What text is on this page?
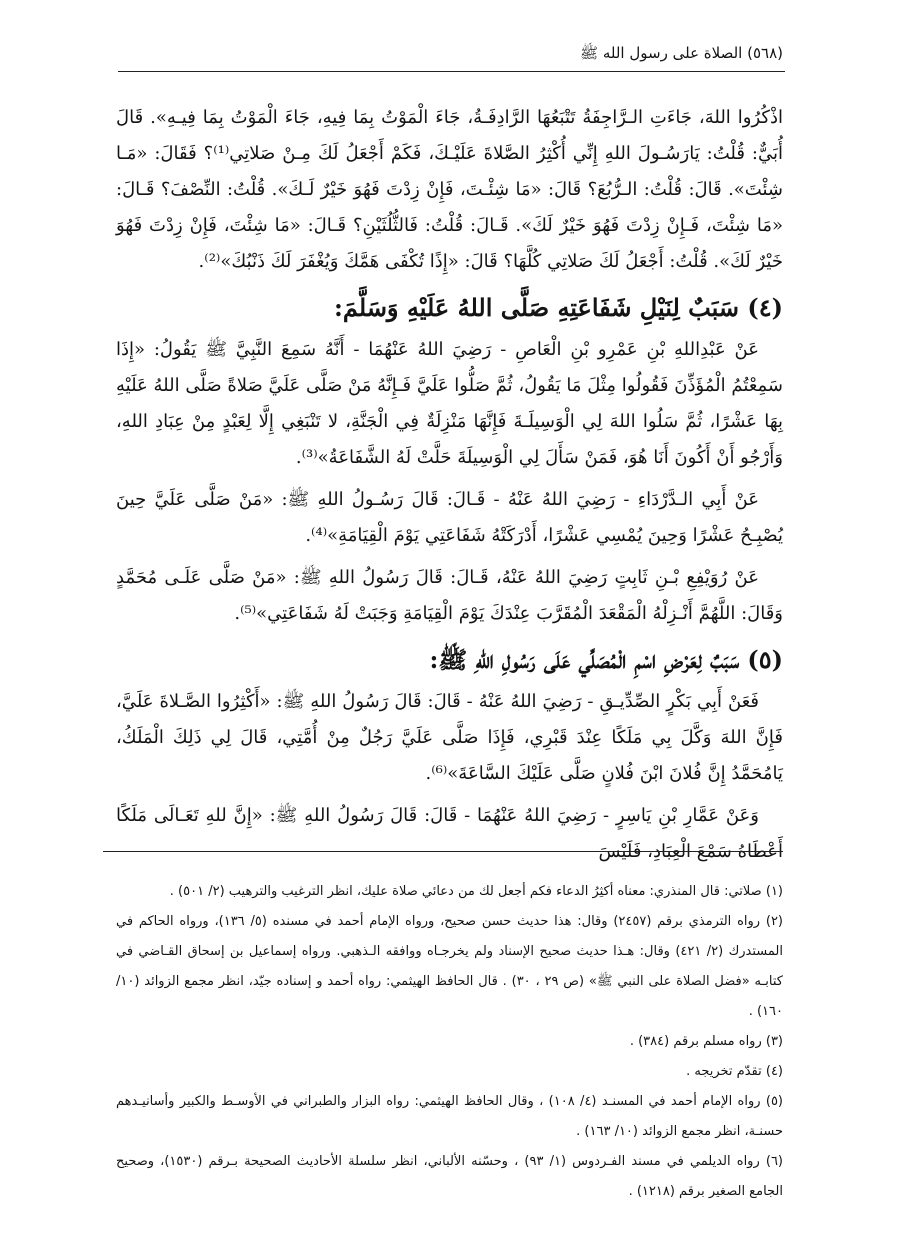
(٥٦٨) الصلاة على رسول الله ﷺ

اذْكُرُوا اللهَ، جَاءَتِ الـرَّاجِفَةُ تَتْبَعُهَا الرَّادِفَـةُ، جَاءَ الْمَوْتُ بِمَا فِيهِ، جَاءَ الْمَوْتُ بِمَا فِيـهِ». قَالَ أُبَيٌّ: قُلْتُ: يَارَسُـولَ اللهِ إِنِّي أُكْثِرُ الصَّلاةَ عَلَيْـكَ، فَكَمْ أَجْعَلُ لَكَ مِـنْ صَلاتِي⁽¹⁾؟ فَقَالَ: «مَـا شِئْتَ». قَالَ: قُلْتُ: الـرُّبُعَ؟ قَالَ: «مَا شِئْـتَ، فَإِنْ زِدْتَ فَهُوَ خَيْرٌ لَـكَ». قُلْتُ: النِّصْفَ؟ قَـالَ: «مَا شِئْتَ، فَـإِنْ زِدْتَ فَهُوَ خَيْرٌ لَكَ». قَـالَ: قُلْتُ: فَالثُّلُثَيْنِ؟ قَـالَ: «مَا شِئْتَ، فَإِنْ زِدْتَ فَهُوَ خَيْرٌ لَكَ». قُلْتُ: أَجْعَلُ لَكَ صَلاتِي كُلَّهَا؟ قَالَ: «إِذًا تُكْفَى هَمَّكَ وَيُغْفَرَ لَكَ ذَنْبُكَ»⁽²⁾.

(٤) سَبَبٌ لِنَيْلِ شَفَاعَتِهِ صَلَّى اللهُ عَلَيْهِ وَسَلَّمَ:

عَنْ عَبْدِاللهِ بْنِ عَمْرِو بْنِ الْعَاصِ - رَضِيَ اللهُ عَنْهُمَا - أَنَّهُ سَمِعَ النَّبِيَّ ﷺ يَقُولُ: «إِذَا سَمِعْتُمُ الْمُؤَذِّنَ فَقُولُوا مِثْلَ مَا يَقُولُ، ثُمَّ صَلُّوا عَلَيَّ فَـإِنَّهُ مَنْ صَلَّى عَلَيَّ صَلاةً صَلَّى اللهُ عَلَيْهِ بِهَا عَشْرًا، ثُمَّ سَلُوا اللهَ لِي الْوَسِيلَـةَ فَإِنَّهَا مَنْزِلَةٌ فِي الْجَنَّةِ، لا تَنْبَغِي إِلَّا لِعَبْدٍ مِنْ عِبَادِ اللهِ، وَأَرْجُو أَنْ أَكُونَ أَنَا هُوَ، فَمَنْ سَأَلَ لِي الْوَسِيلَةَ حَلَّتْ لَهُ الشَّفَاعَةُ»⁽³⁾.

عَنْ أَبِي الـدَّرْدَاءِ - رَضِيَ اللهُ عَنْهُ - قَـالَ: قَالَ رَسُـولُ اللهِ ﷺ: «مَنْ صَلَّى عَلَيَّ حِينَ يُصْبِـحُ عَشْرًا وَحِينَ يُمْسِي عَشْرًا، أَدْرَكَتْهُ شَفَاعَتِي يَوْمَ الْقِيَامَةِ»⁽⁴⁾.

عَنْ رُوَيْفِعِ بْـنِ ثَابِتٍ رَضِيَ اللهُ عَنْهُ، قَـالَ: قَالَ رَسُولُ اللهِ ﷺ: «مَنْ صَلَّى عَلَـى مُحَمَّدٍ وَقَالَ: اللَّهُمَّ أَنْـزِلْهُ الْمَقْعَدَ الْمُقَرَّبَ عِنْدَكَ يَوْمَ الْقِيَامَةِ وَجَبَتْ لَهُ شَفَاعَتِي»⁽⁵⁾.

(٥) سَبَبٌ لِعَرْضِ اسْمِ الْمُصَلِّي عَلَى رَسُولِ اللهِ ﷺ:

فَعَنْ أَبِي بَكْرٍ الصِّدِّيـقِ - رَضِيَ اللهُ عَنْهُ - قَالَ: قَالَ رَسُولُ اللهِ ﷺ: «أَكْثِرُوا الصَّـلاةَ عَلَيَّ، فَإِنَّ اللهَ وَكَّلَ بِي مَلَكًا عِنْدَ قَبْرِي، فَإِذَا صَلَّى عَلَيَّ رَجُلٌ مِنْ أُمَّتِي، قَالَ لِي ذَلِكَ الْمَلَكُ، يَامُحَمَّدُ إِنَّ فُلانَ ابْنَ فُلانٍ صَلَّى عَلَيْكَ السَّاعَةَ»⁽⁶⁾.

وَعَنْ عَمَّارِ بْنِ يَاسِرٍ - رَضِيَ اللهُ عَنْهُمَا - قَالَ: قَالَ رَسُولُ اللهِ ﷺ: «إِنَّ للهِ تَعَـالَى مَلَكًا أَعْطَاهُ سَمْعَ الْعِبَادِ، فَلَيْسَ

(١) صلاتي: قال المنذري: معناه أكثِرُ الدعاء فكم أجعل لك من دعائي صلاة عليك، انظر الترغيب والترهيب (٢/ ٥٠١) .

(٢) رواه الترمذي برقم (٢٤٥٧) وقال: هذا حديث حسن صحيح، ورواه الإمام أحمد في مسنده (٥/ ١٣٦)، ورواه الحاكم في المستدرك (٢/ ٤٢١) وقال: هـذا حديث صحيح الإسناد ولم يخرجـاه ووافقه الـذهبي. ورواه إسماعيل بن إسحاق القـاضي في كتابـه «فضل الصلاة على النبي ﷺ» (ص ٢٩ ، ٣٠) . قال الحافظ الهيثمي: رواه أحمد و إسناده جيّد، انظر مجمع الزوائد (١٠/ ١٦٠) .

(٣) رواه مسلم برقم (٣٨٤) .

(٤) تقدّم تخريجه .

(٥) رواه الإمام أحمد في المسنـد (٤/ ١٠٨) ، وقال الحافظ الهيثمي: رواه البزار والطبراني في الأوسـط والكبير وأسانيـدهم حسنـة، انظر مجمع الزوائد (١٠/ ١٦٣) .

(٦) رواه الديلمي في مسند الفـردوس (١/ ٩٣) ، وحسّنه الألباني، انظر سلسلة الأحاديث الصحيحة بـرقم (١٥٣٠)، وصحيح الجامع الصغير برقم (١٢١٨) .
